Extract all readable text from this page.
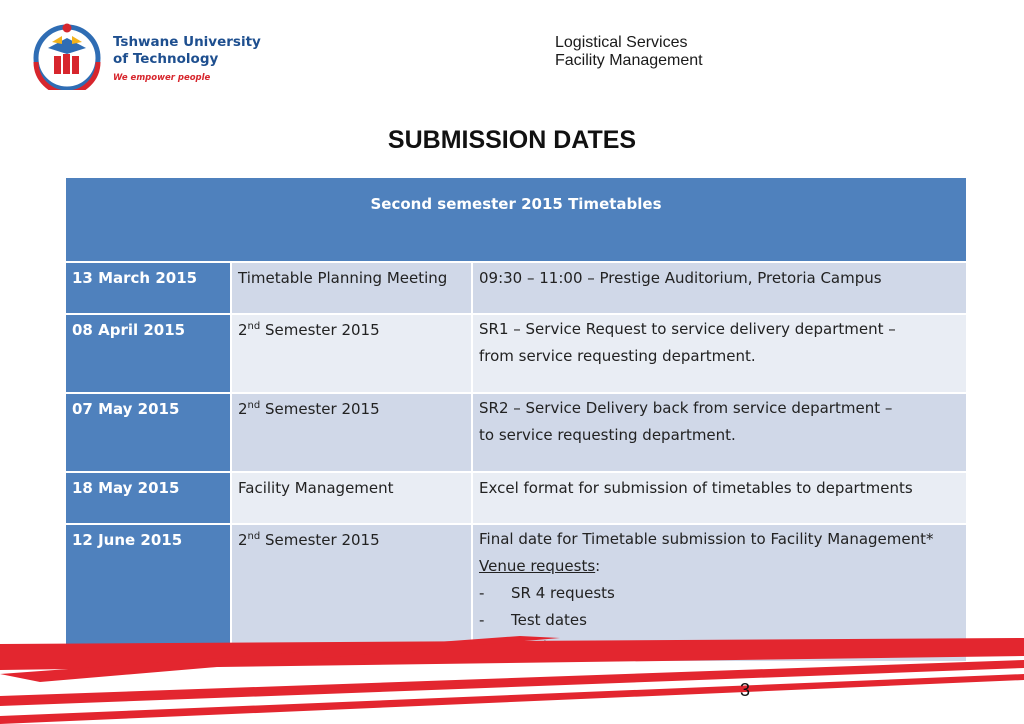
Tshwane University

of Technology

We empower people
Logistical Services
Facility Management
SUBMISSION DATES
Second semester 2015 Timetables		
13 March 2015	Timetable Planning Meeting	09:30 – 11:00 – Prestige Auditorium, Pretoria Campus
08 April 2015	2nd Semester 2015	SR1 – Service Request to service delivery department –
from service requesting department.

07 May 2015	2nd Semester 2015	SR2 – Service Delivery back from service department –
to service requesting department.

18 May 2015	Facility Management	Excel format for submission of timetables to departments
12 June 2015	2nd Semester 2015	Final date for Timetable submission to Facility Management*
Venue requests:
- SR 4 requests
- Test dates
3
